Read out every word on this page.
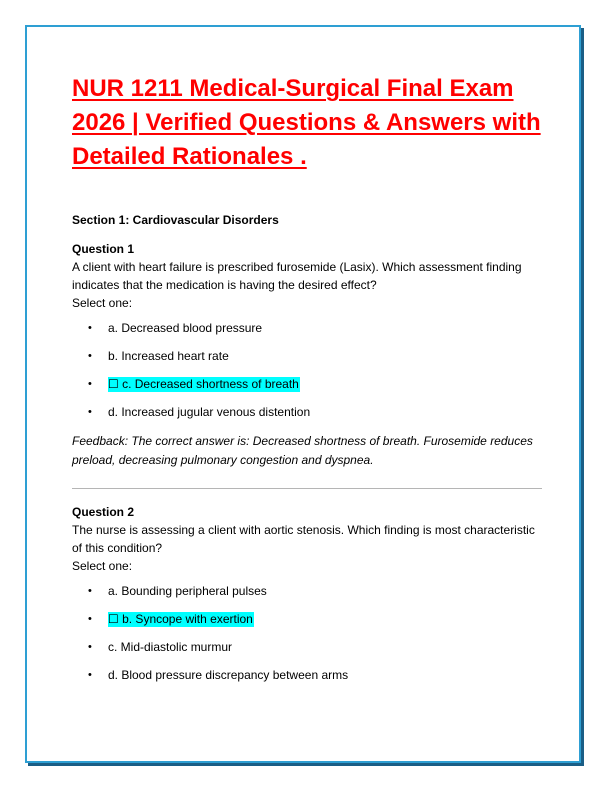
NUR 1211 Medical-Surgical Final Exam 2026 | Verified Questions & Answers with Detailed Rationales .
Section 1: Cardiovascular Disorders
Question 1
A client with heart failure is prescribed furosemide (Lasix). Which assessment finding indicates that the medication is having the desired effect?
Select one:
• a. Decreased blood pressure
• b. Increased heart rate
• ☐ c. Decreased shortness of breath
• d. Increased jugular venous distention
Feedback: The correct answer is: Decreased shortness of breath. Furosemide reduces preload, decreasing pulmonary congestion and dyspnea.
Question 2
The nurse is assessing a client with aortic stenosis. Which finding is most characteristic of this condition?
Select one:
• a. Bounding peripheral pulses
• ☐ b. Syncope with exertion
• c. Mid-diastolic murmur
• d. Blood pressure discrepancy between arms
